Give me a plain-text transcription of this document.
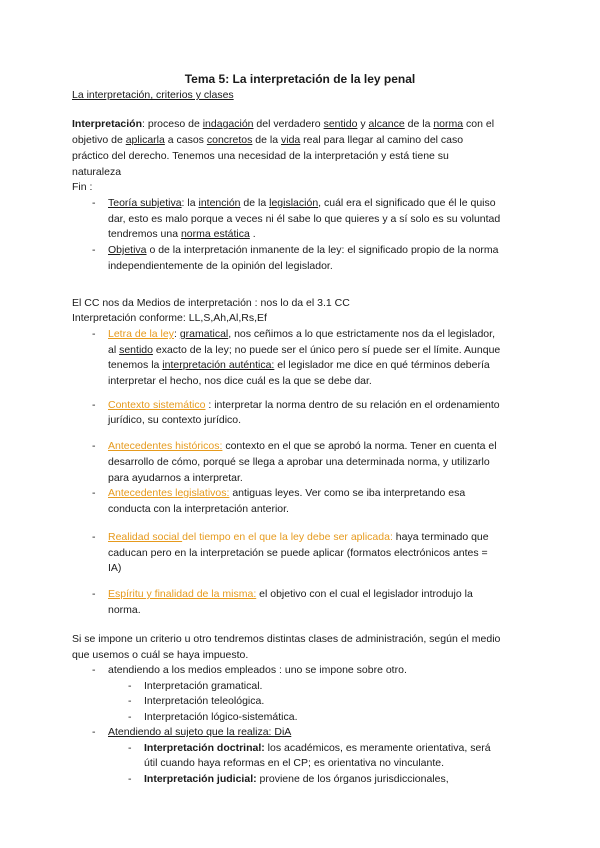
Tema 5: La interpretación de la ley penal
La interpretación, criterios y clases
Interpretación: proceso de indagación del verdadero sentido y alcance de la norma con el
objetivo de aplicarla a casos concretos de la vida real para llegar al camino del caso
práctico del derecho. Tenemos una necesidad de la interpretación y está tiene su
naturaleza
Fin :
- Teoría subjetiva: la intención de la legislación, cuál era el significado que él le quiso
dar, esto es malo porque a veces ni él sabe lo que quieres y a sí solo es su voluntad
tendremos una norma estática .
- Objetiva o de la interpretación inmanente de la ley: el significado propio de la norma
independientemente de la opinión del legislador.
El CC nos da Medios de interpretación : nos lo da el 3.1 CC
Interpretación conforme: LL,S,Ah,Al,Rs,Ef
- Letra de la ley: gramatical, nos ceñimos a lo que estrictamente nos da el legislador,
al sentido exacto de la ley; no puede ser el único pero sí puede ser el límite. Aunque
tenemos la interpretación auténtica: el legislador me dice en qué términos debería
interpretar el hecho, nos dice cuál es la que se debe dar.
- Contexto sistemático : interpretar la norma dentro de su relación en el ordenamiento
jurídico, su contexto jurídico.
- Antecedentes históricos: contexto en el que se aprobó la norma. Tener en cuenta el
desarrollo de cómo, porqué se llega a aprobar una determinada norma, y utilizarlo
para ayudarnos a interpretar.
- Antecedentes legislativos: antiguas leyes. Ver como se iba interpretando esa
conducta con la interpretación anterior.
- Realidad social del tiempo en el que la ley debe ser aplicada: haya terminado que
caducan pero en la interpretación se puede aplicar (formatos electrónicos antes =
IA)
- Espíritu y finalidad de la misma: el objetivo con el cual el legislador introdujo la
norma.
Si se impone un criterio u otro tendremos distintas clases de administración, según el medio
que usemos o cuál se haya impuesto.
- atendiendo a los medios empleados : uno se impone sobre otro.
- Interpretación gramatical.
- Interpretación teleológica.
- Interpretación lógico-sistemática.
- Atendiendo al sujeto que la realiza: DiA
- Interpretación doctrinal: los académicos, es meramente orientativa, será
útil cuando haya reformas en el CP; es orientativa no vinculante.
- Interpretación judicial: proviene de los órganos jurisdiccionales,
